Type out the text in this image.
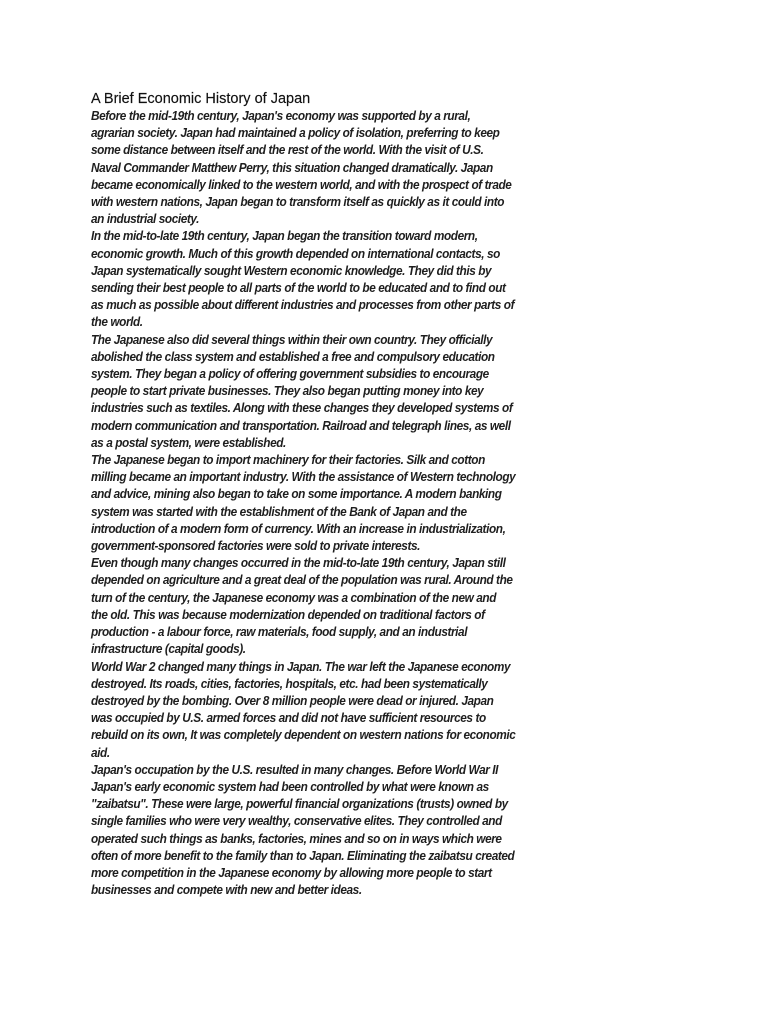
A Brief Economic History of Japan

Before the mid-19th century, Japan's economy was supported by a rural,
agrarian society. Japan had maintained a policy of isolation, preferring to keep
some distance between itself and the rest of the world. With the visit of U.S.
Naval Commander Matthew Perry, this situation changed dramatically. Japan
became economically linked to the western world, and with the prospect of trade
with western nations, Japan began to transform itself as quickly as it could into
an industrial society.

In the mid-to-late 19th century, Japan began the transition toward modern,
economic growth. Much of this growth depended on international contacts, so
Japan systematically sought Western economic knowledge. They did this by
sending their best people to all parts of the world to be educated and to find out
as much as possible about different industries and processes from other parts of
the world.

The Japanese also did several things within their own country. They officially
abolished the class system and established a free and compulsory education
system. They began a policy of offering government subsidies to encourage
people to start private businesses. They also began putting money into key
industries such as textiles. Along with these changes they developed systems of
modern communication and transportation. Railroad and telegraph lines, as well
as a postal system, were established.

The Japanese began to import machinery for their factories. Silk and cotton
milling became an important industry. With the assistance of Western technology
and advice, mining also began to take on some importance. A modern banking
system was started with the establishment of the Bank of Japan and the
introduction of a modern form of currency. With an increase in industrialization,
government-sponsored factories were sold to private interests.

Even though many changes occurred in the mid-to-late 19th century, Japan still
depended on agriculture and a great deal of the population was rural. Around the
turn of the century, the Japanese economy was a combination of the new and
the old. This was because modernization depended on traditional factors of
production - a labour force, raw materials, food supply, and an industrial
infrastructure (capital goods).

World War 2 changed many things in Japan. The war left the Japanese economy
destroyed. Its roads, cities, factories, hospitals, etc. had been systematically
destroyed by the bombing. Over 8 million people were dead or injured. Japan
was occupied by U.S. armed forces and did not have sufficient resources to
rebuild on its own, It was completely dependent on western nations for economic
aid.

Japan's occupation by the U.S. resulted in many changes. Before World War II
Japan's early economic system had been controlled by what were known as
"zaibatsu". These were large, powerful financial organizations (trusts) owned by
single families who were very wealthy, conservative elites. They controlled and
operated such things as banks, factories, mines and so on in ways which were
often of more benefit to the family than to Japan. Eliminating the zaibatsu created
more competition in the Japanese economy by allowing more people to start
businesses and compete with new and better ideas.
